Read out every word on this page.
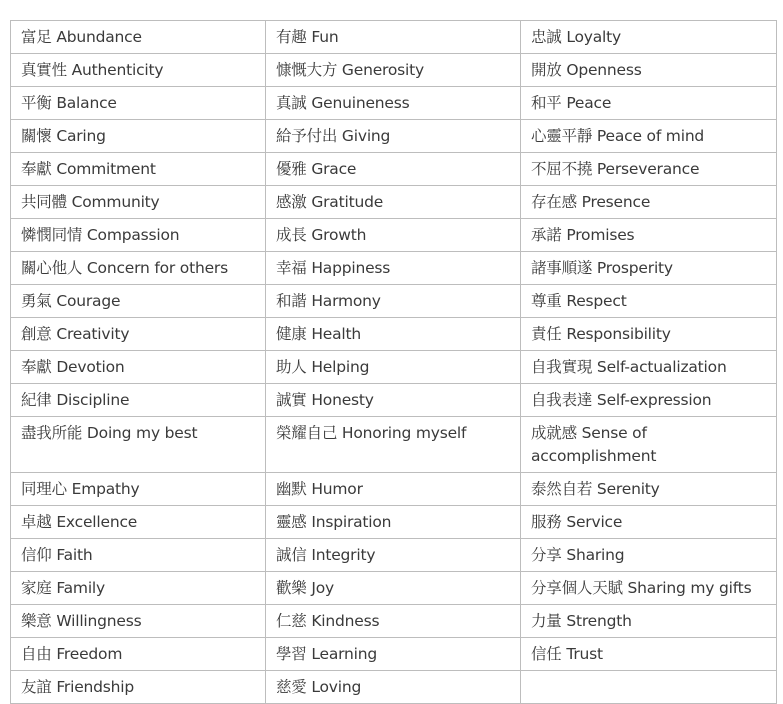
富足 Abundance	有趣 Fun	忠誠 Loyalty
真實性 Authenticity	慷慨大方 Generosity	開放 Openness
平衡 Balance	真誠 Genuineness	和平 Peace
關懷 Caring	給予付出 Giving	心靈平靜 Peace of mind
奉獻 Commitment	優雅 Grace	不屈不撓 Perseverance
共同體 Community	感激 Gratitude	存在感 Presence
憐憫同情 Compassion	成長 Growth	承諾 Promises
關心他人 Concern for others	幸福 Happiness	諸事順遂 Prosperity
勇氣 Courage	和諧 Harmony	尊重 Respect
創意 Creativity	健康 Health	責任 Responsibility
奉獻 Devotion	助人 Helping	自我實現 Self-actualization
紀律 Discipline	誠實 Honesty	自我表達 Self-expression
盡我所能 Doing my best	榮耀自己 Honoring myself	成就感 Sense of accomplishment
同理心 Empathy	幽默 Humor	泰然自若 Serenity
卓越 Excellence	靈感 Inspiration	服務 Service
信仰 Faith	誠信 Integrity	分享 Sharing
家庭 Family	歡樂 Joy	分享個人天賦 Sharing my gifts
樂意 Willingness	仁慈 Kindness	力量 Strength
自由 Freedom	學習 Learning	信任 Trust
友誼 Friendship	慈愛 Loving	
